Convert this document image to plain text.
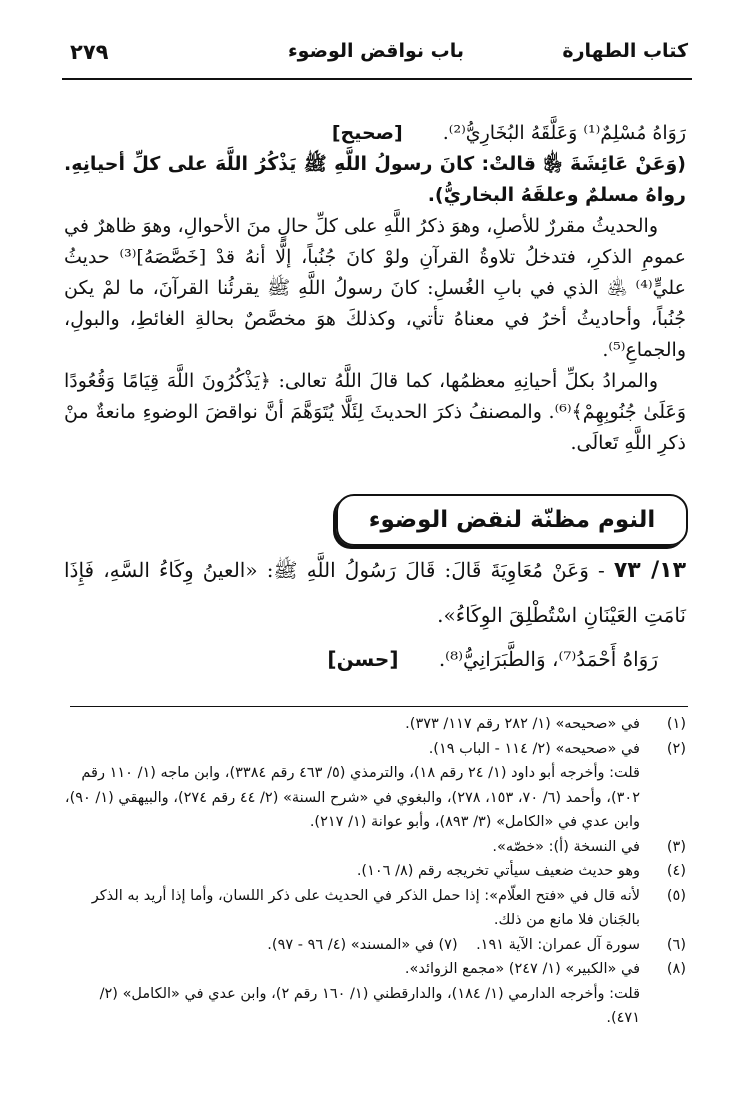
كتاب الطهارة
باب نواقض الوضوء
٢٧٩

رَوَاهُ مُسْلِمٌ⁽¹⁾ وَعَلَّقَهُ البُخَارِيُّ⁽²⁾. [صحيح]

(وَعَنْ عَائِشَةَ ﵂ قالتْ: كانَ رسولُ اللَّهِ ﷺ يَذْكُرُ اللَّهَ على كلِّ أحيانِهِ. رواهُ مسلمٌ وعلقَهُ البخاريُّ).

والحديثُ مقررٌ للأصلِ، وهوَ ذكرُ اللَّهِ على كلِّ حالٍ منَ الأحوالِ، وهوَ ظاهرٌ في عمومِ الذكرِ، فتدخلُ تلاوةُ القرآنِ ولوْ كانَ جُنُباً، إلَّا أنهُ قدْ [خَصَّصَهُ]⁽³⁾ حديثُ عليٍّ⁽⁴⁾ ﵁ الذي في بابِ الغُسلِ: كانَ رسولُ اللَّهِ ﷺ يقرئُنا القرآنَ، ما لمْ يكن جُنُباً، وأحاديثُ أخرُ في معناهُ تأتي، وكذلكَ هوَ مخصَّصٌ بحالةِ الغائطِ، والبولِ، والجماعِ⁽⁵⁾.

والمرادُ بكلِّ أحيانِهِ معظمُها، كما قالَ اللَّهُ تعالى: ﴿يَذْكُرُونَ اللَّهَ قِيَامًا وَقُعُودًا وَعَلَىٰ جُنُوبِهِمْ﴾⁽⁶⁾. والمصنفُ ذكرَ الحديثَ لِئَلَّا يُتَوَهَّمَ أنَّ نواقضَ الوضوءِ مانعةٌ منْ ذكرِ اللَّهِ تَعالَى.

النوم مظنّة لنقض الوضوء

١٣/ ٧٣ - وَعَنْ مُعَاوِيَةَ قَالَ: قَالَ رَسُولُ اللَّهِ ﷺ: «العينُ وِكَاءُ السَّهِ، فَإِذَا نَامَتِ العَيْنَانِ اسْتُطْلِقَ الوِكَاءُ».

رَوَاهُ أَحْمَدُ⁽⁷⁾، وَالطَّبَرَانِيُّ⁽⁸⁾. [حسن]

(١)
في «صحيحه» (١/ ٢٨٢ رقم ١١٧/ ٣٧٣).
(٢)
في «صحيحه» (٢/ ١١٤ - الباب ١٩).
قلت: وأخرجه أبو داود (١/ ٢٤ رقم ١٨)، والترمذي (٥/ ٤٦٣ رقم ٣٣٨٤)، وابن ماجه (١/ ١١٠ رقم ٣٠٢)، وأحمد (٦/ ٧٠، ١٥٣، ٢٧٨)، والبغوي في «شرح السنة» (٢/ ٤٤ رقم ٢٧٤)، والبيهقي (١/ ٩٠)، وابن عدي في «الكامل» (٣/ ٨٩٣)، وأبو عوانة (١/ ٢١٧).
(٣)
في النسخة (أ): «خصّه».
(٤)
وهو حديث ضعيف سيأتي تخريجه رقم (٨/ ١٠٦).
(٥)
لأنه قال في «فتح العلّام»: إذا حمل الذكر في الحديث على ذكر اللسان، وأما إذا أريد به الذكر بالجَنان فلا مانع من ذلك.
(٦)
سورة آل عمران: الآية ١٩١.    (٧) في «المسند» (٤/ ٩٦ - ٩٧).
(٨)
في «الكبير» (١/ ٢٤٧) «مجمع الزوائد».
قلت: وأخرجه الدارمي (١/ ١٨٤)، والدارقطني (١/ ١٦٠ رقم ٢)، وابن عدي في «الكامل» (٢/ ٤٧١).
